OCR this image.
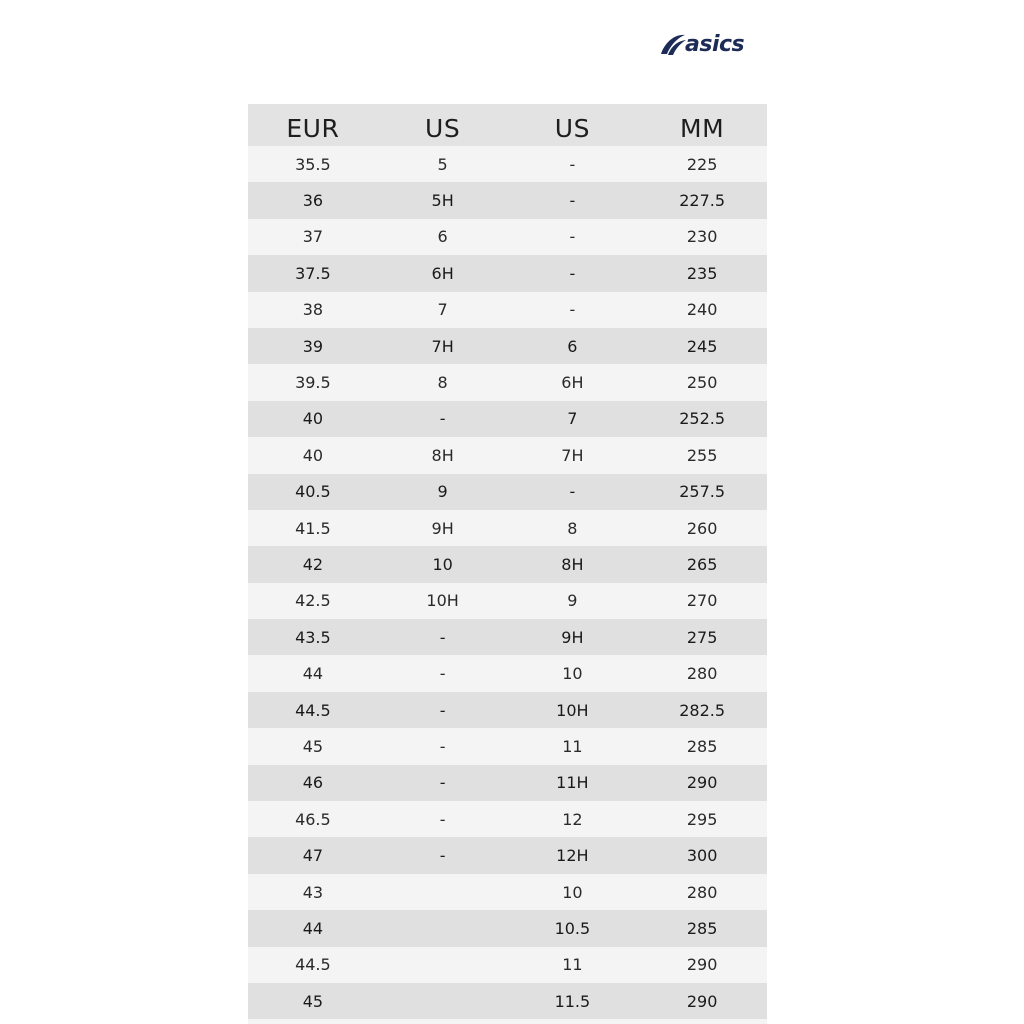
asics
EUR	US	US	MM
35.5	5	-	225
36	5H	-	227.5
37	6	-	230
37.5	6H	-	235
38	7	-	240
39	7H	6	245
39.5	8	6H	250
40	-	7	252.5
40	8H	7H	255
40.5	9	-	257.5
41.5	9H	8	260
42	10	8H	265
42.5	10H	9	270
43.5	-	9H	275
44	-	10	280
44.5	-	10H	282.5
45	-	11	285
46	-	11H	290
46.5	-	12	295
47	-	12H	300
43		10	280
44		10.5	285
44.5		11	290
45		11.5	290
